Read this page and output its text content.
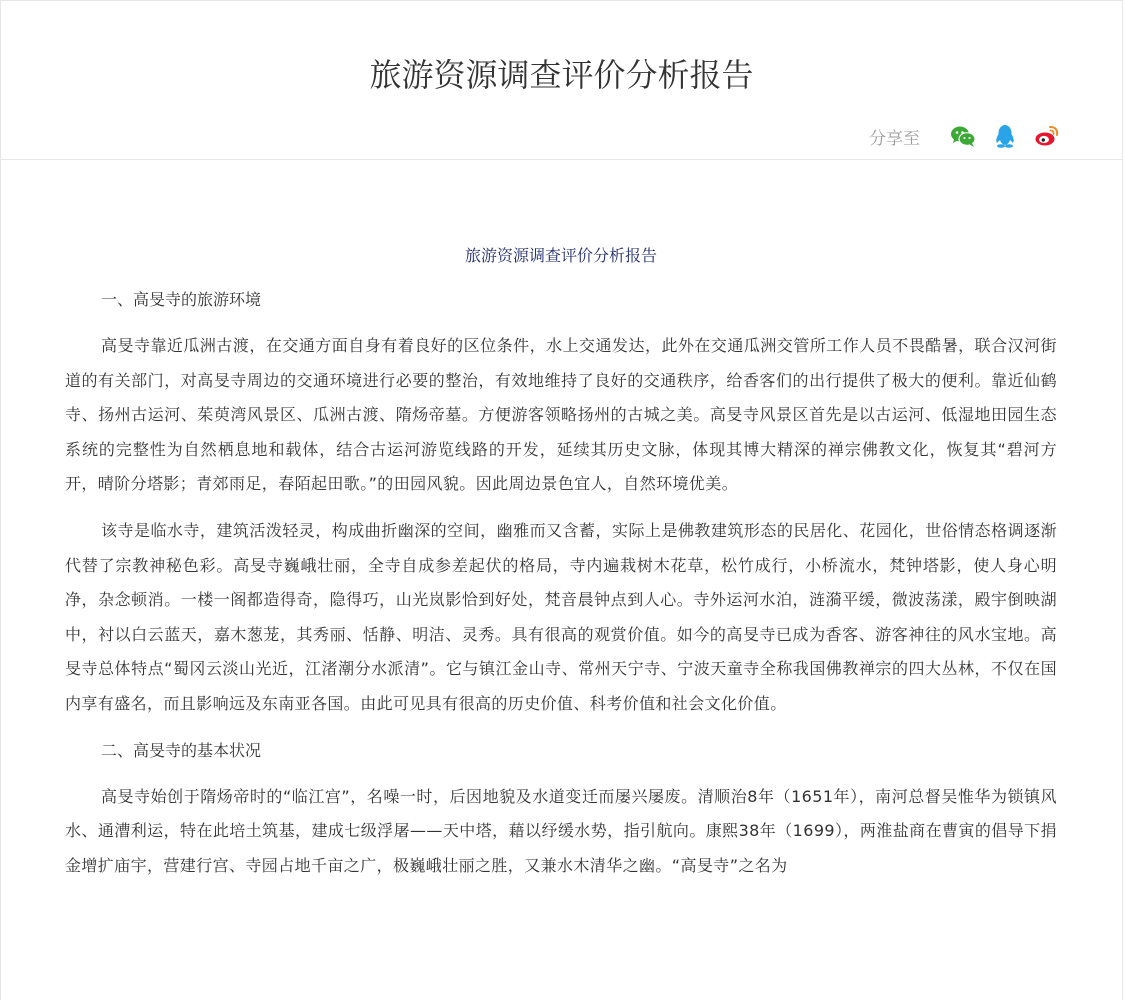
旅游资源调查评价分析报告
分享至

旅游资源调查评价分析报告

一、高旻寺的旅游环境

高旻寺靠近瓜洲古渡，在交通方面自身有着良好的区位条件，水上交通发达，此外在交通瓜洲交管所工作人员不畏酷暑，联合汉河街道的有关部门，对高旻寺周边的交通环境进行必要的整治，有效地维持了良好的交通秩序，给香客们的出行提供了极大的便利。靠近仙鹤寺、扬州古运河、茱萸湾风景区、瓜洲古渡、隋炀帝墓。方便游客领略扬州的古城之美。高旻寺风景区首先是以古运河、低湿地田园生态系统的完整性为自然栖息地和载体，结合古运河游览线路的开发，延续其历史文脉，体现其博大精深的禅宗佛教文化，恢复其“碧河方开，晴阶分塔影；青郊雨足，春陌起田歌。”的田园风貌。因此周边景色宜人，自然环境优美。

该寺是临水寺，建筑活泼轻灵，构成曲折幽深的空间，幽雅而又含蓄，实际上是佛教建筑形态的民居化、花园化，世俗情态格调逐渐代替了宗教神秘色彩。高旻寺巍峨壮丽，全寺自成参差起伏的格局，寺内遍栽树木花草，松竹成行，小桥流水，梵钟塔影，使人身心明净，杂念顿消。一楼一阁都造得奇，隐得巧，山光岚影恰到好处，梵音晨钟点到人心。寺外运河水泊，涟漪平缓，微波荡漾，殿宇倒映湖中，衬以白云蓝天，嘉木葱茏，其秀丽、恬静、明洁、灵秀。具有很高的观赏价值。如今的高旻寺已成为香客、游客神往的风水宝地。高旻寺总体特点“蜀冈云淡山光近，江渚潮分水派清”。它与镇江金山寺、常州天宁寺、宁波天童寺全称我国佛教禅宗的四大丛林，不仅在国内享有盛名，而且影响远及东南亚各国。由此可见具有很高的历史价值、科考价值和社会文化价值。

二、高旻寺的基本状况

高旻寺始创于隋炀帝时的“临江宫”，名噪一时，后因地貌及水道变迁而屡兴屡废。清顺治8年（1651年），南河总督吴惟华为锁镇风水、通漕利运，特在此培土筑基，建成七级浮屠——天中塔，藉以纾缓水势，指引航向。康熙38年（1699），两淮盐商在曹寅的倡导下捐金增扩庙宇，营建行宫、寺园占地千亩之广，极巍峨壮丽之胜，又兼水木清华之幽。“高旻寺”之名为
